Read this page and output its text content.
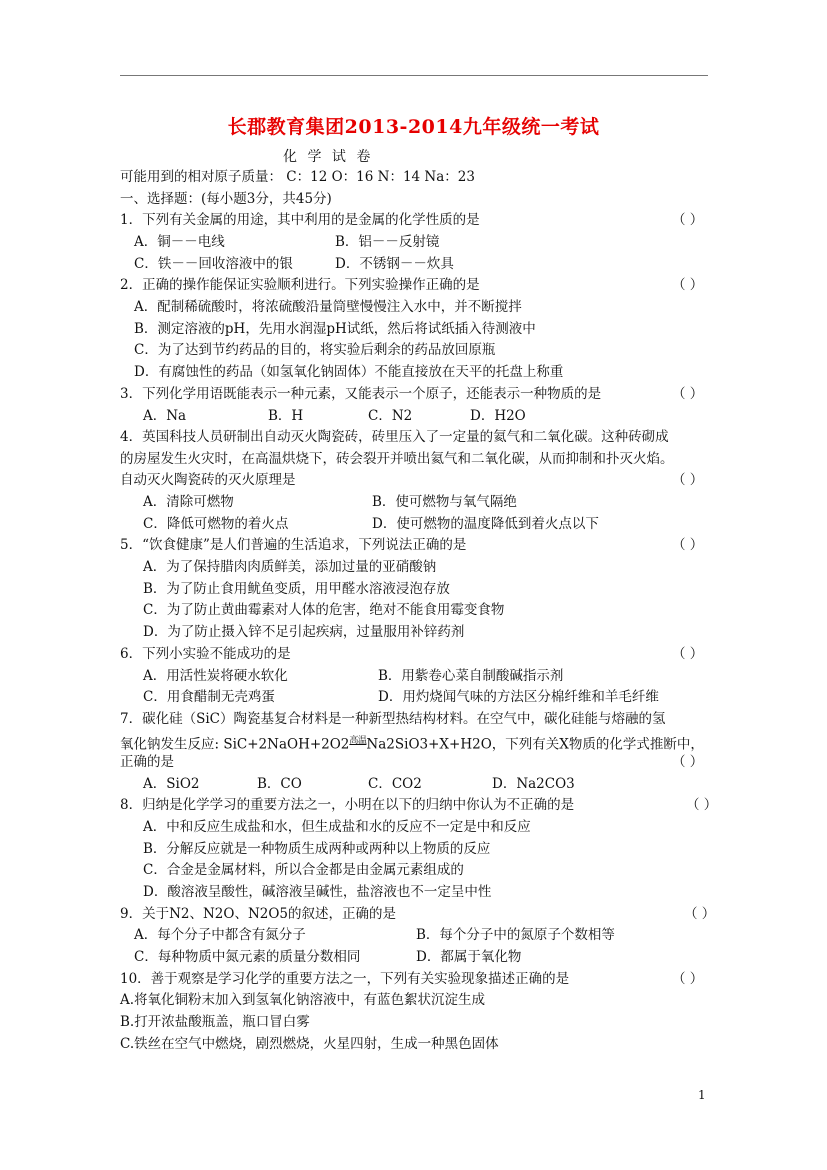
长郡教育集团2013-2014九年级统一考试
化 学 试 卷
可能用到的相对原子质量： C：12 O：16 N：14 Na：23
一、选择题：(每小题3分，共45分)
1．下列有关金属的用途，其中利用的是金属的化学性质的是	（ ）
A．铜－－电线	B．铝－－反射镜
C．铁－－回收溶液中的银	D．不锈钢－－炊具
2．正确的操作能保证实验顺利进行。下列实验操作正确的是	（ ）
A．配制稀硫酸时，将浓硫酸沿量筒壁慢慢注入水中，并不断搅拌
B．测定溶液的pH，先用水润湿pH试纸，然后将试纸插入待测液中
C．为了达到节约药品的目的，将实验后剩余的药品放回原瓶
D．有腐蚀性的药品（如氢氧化钠固体）不能直接放在天平的托盘上称重
3．下列化学用语既能表示一种元素，又能表示一个原子，还能表示一种物质的是	（ ）
A．Na	B．H	C．N2	D．H2O
4．英国科技人员研制出自动灭火陶瓷砖，砖里压入了一定量的氦气和二氧化碳。这种砖砌成
的房屋发生火灾时，在高温烘烧下，砖会裂开并喷出氦气和二氧化碳，从而抑制和扑灭火焰。
自动灭火陶瓷砖的灭火原理是	（ ）
A．清除可燃物	B．使可燃物与氧气隔绝
C．降低可燃物的着火点	D．使可燃物的温度降低到着火点以下
5．“饮食健康”是人们普遍的生活追求，下列说法正确的是	（ ）
A．为了保持腊肉肉质鲜美，添加过量的亚硝酸钠
B．为了防止食用鱿鱼变质，用甲醛水溶液浸泡存放
C．为了防止黄曲霉素对人体的危害，绝对不能食用霉变食物
D．为了防止摄入锌不足引起疾病，过量服用补锌药剂
6．下列小实验不能成功的是	（ ）
A．用活性炭将硬水软化	B．用紫卷心菜自制酸碱指示剂
C．用食醋制无壳鸡蛋	D．用灼烧闻气味的方法区分棉纤维和羊毛纤维
7．碳化硅（SiC）陶瓷基复合材料是一种新型热结构材料。在空气中，碳化硅能与熔融的氢
氧化钠发生反应: $SiC+2NaOH+2O2^{高温}Na2SiO3+X+H2O$，下列有关X物质的化学式推断中，
正确的是	（ ）
A．SiO2	B．CO	C．CO2	D．Na2CO3
8．归纳是化学学习的重要方法之一，小明在以下的归纳中你认为不正确的是	（ ）
A．中和反应生成盐和水，但生成盐和水的反应不一定是中和反应
B．分解反应就是一种物质生成两种或两种以上物质的反应
C．合金是金属材料，所以合金都是由金属元素组成的
D．酸溶液呈酸性，碱溶液呈碱性，盐溶液也不一定呈中性
9．关于N2、N2O、N2O5的叙述，正确的是	（ ）
A．每个分子中都含有氮分子	B．每个分子中的氮原子个数相等
C．每种物质中氮元素的质量分数相同	D．都属于氧化物
10．善于观察是学习化学的重要方法之一，下列有关实验现象描述正确的是	（ ）
A.将氧化铜粉末加入到氢氧化钠溶液中，有蓝色絮状沉淀生成
B.打开浓盐酸瓶盖，瓶口冒白雾
C.铁丝在空气中燃烧，剧烈燃烧，火星四射，生成一种黑色固体
1
